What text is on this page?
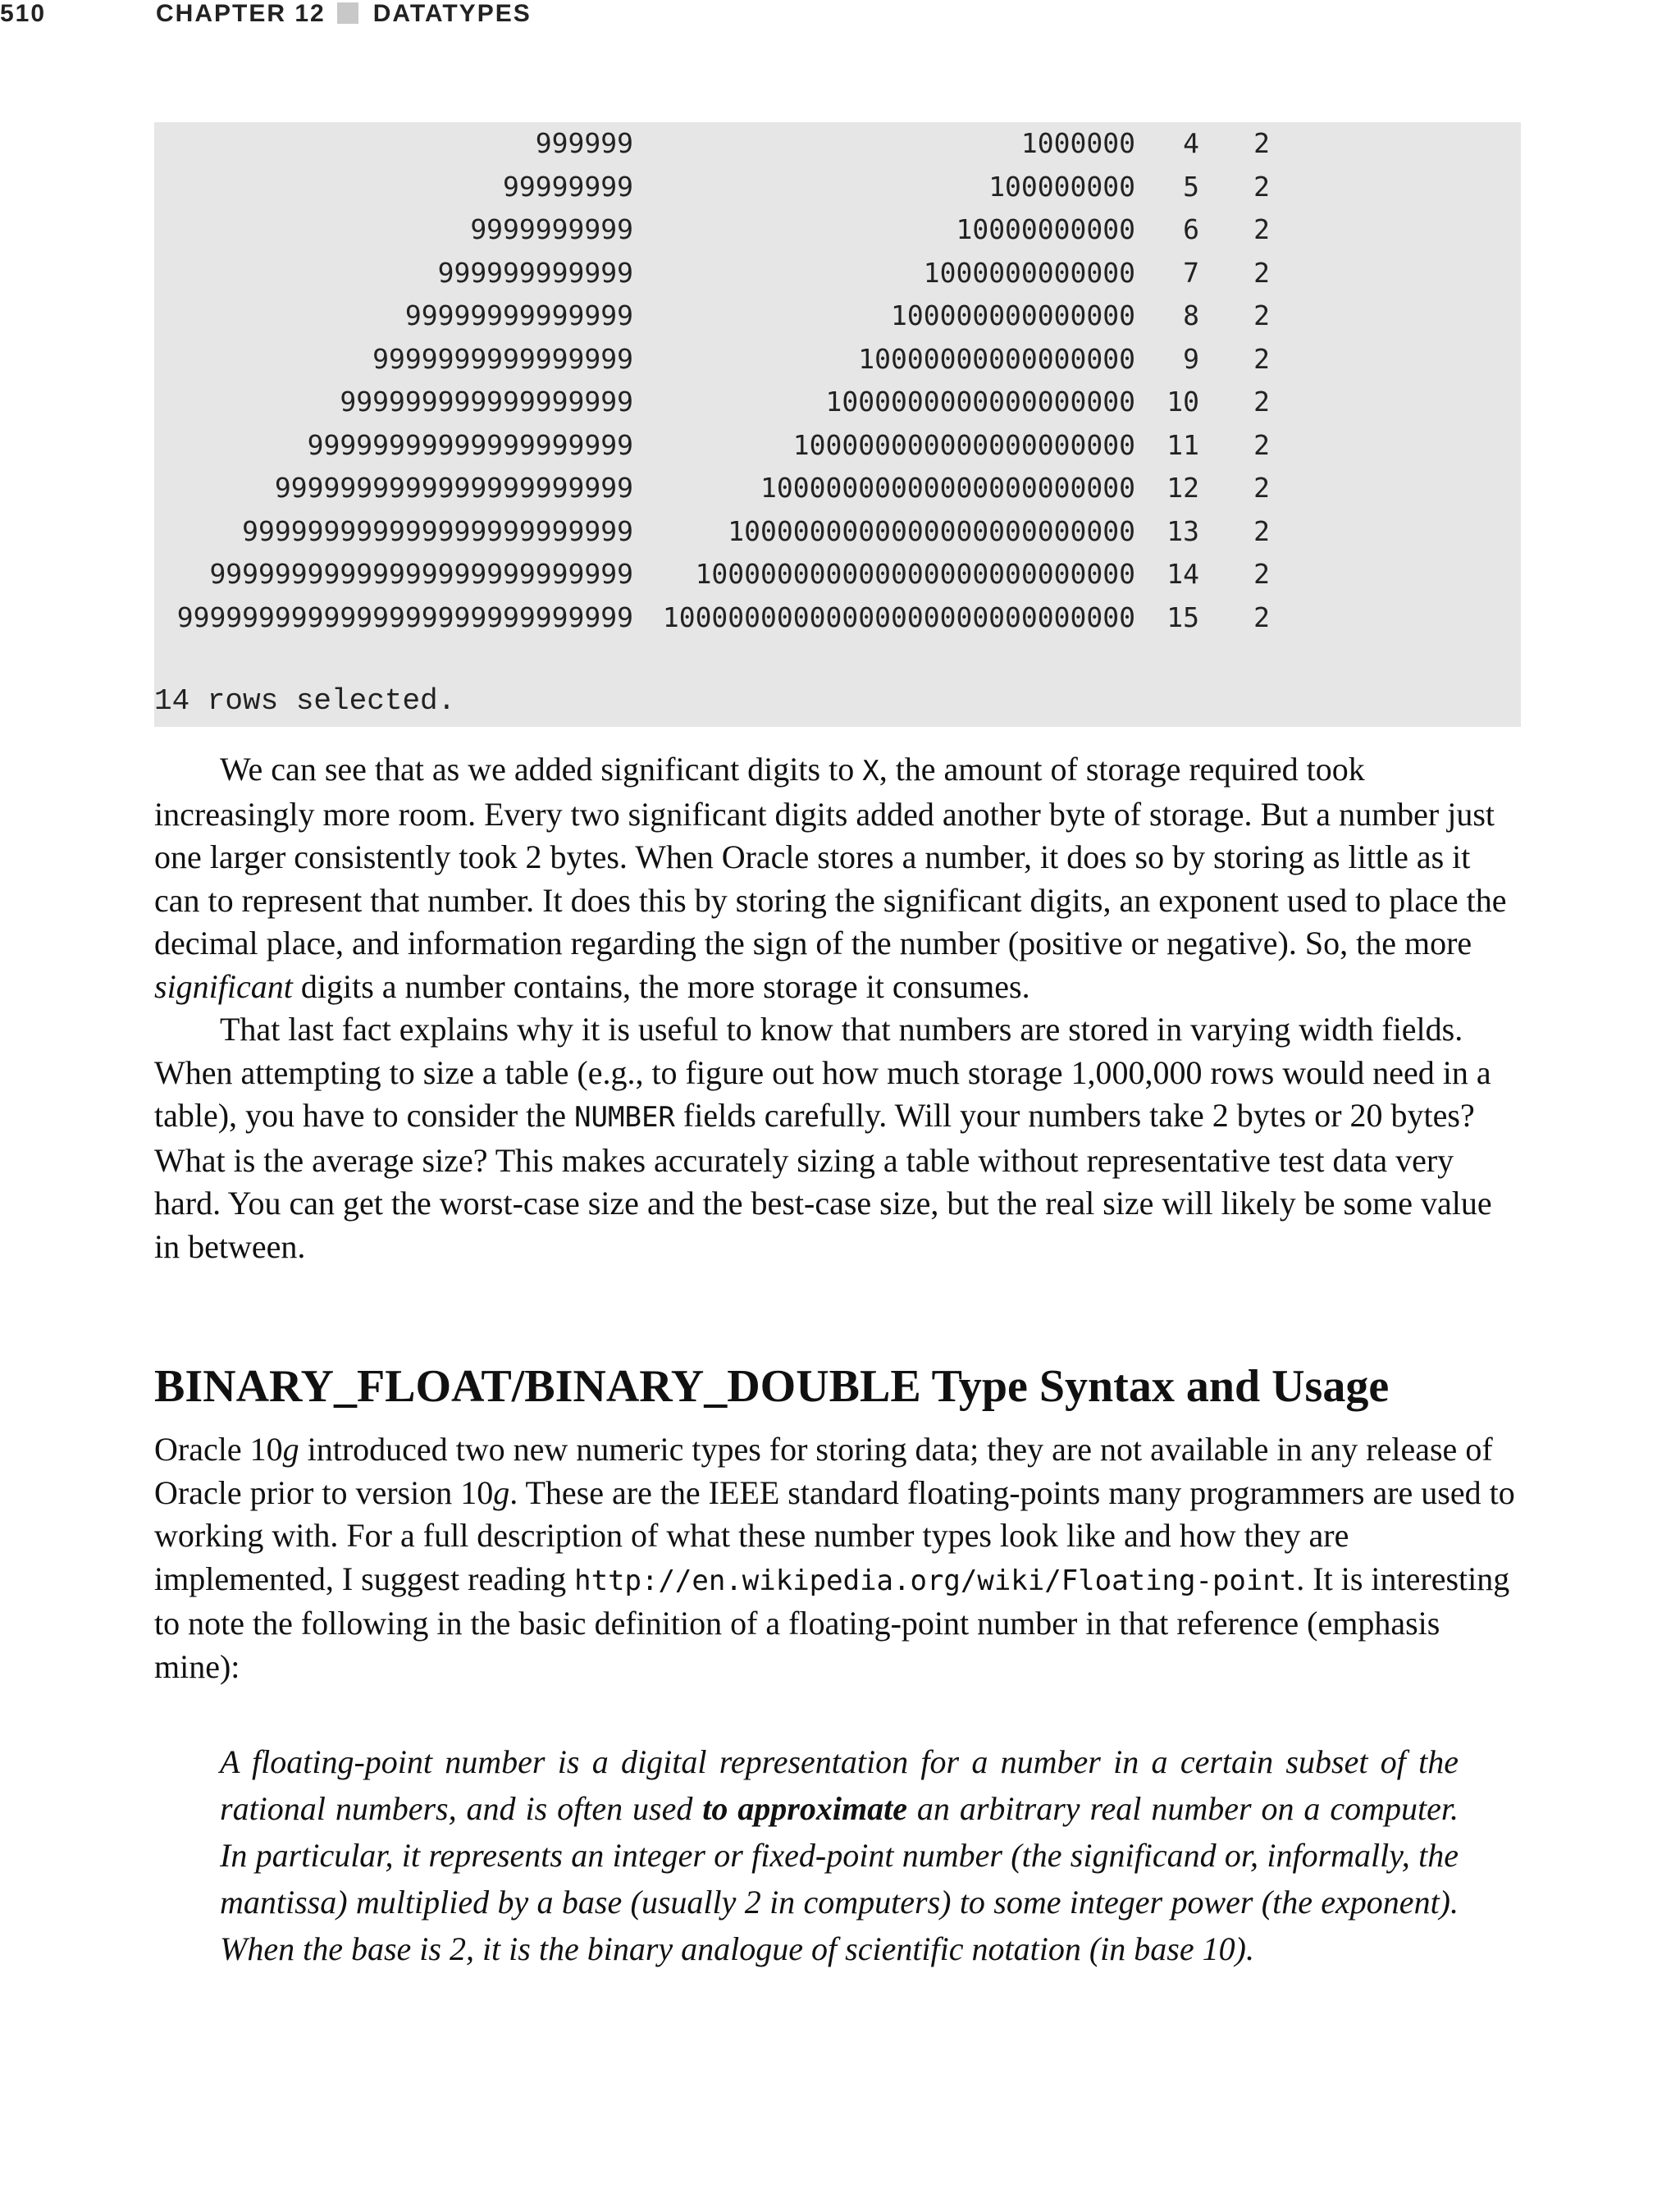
510	CHAPTER 12 DATATYPES
999999	1000000 4 2
99999999	100000000 5 2
9999999999	10000000000 6 2
999999999999	1000000000000 7 2
99999999999999	100000000000000 8 2
9999999999999999	10000000000000000 9 2
999999999999999999	1000000000000000000 10 2
99999999999999999999	100000000000000000000 11 2
9999999999999999999999	10000000000000000000000 12 2
999999999999999999999999	1000000000000000000000000 13 2
99999999999999999999999999 100000000000000000000000000 14 2
9999999999999999999999999999 10000000000000000000000000000 15 2
14 rows selected.

We can see that as we added significant digits to X, the amount of storage required took increasingly more room. Every two significant digits added another byte of storage. But a number just one larger consistently took 2 bytes. When Oracle stores a number, it does so by storing as little as it can to represent that number. It does this by storing the significant digits, an exponent used to place the decimal place, and information regarding the sign of the number (positive or negative). So, the more significant digits a number contains, the more storage it consumes.

That last fact explains why it is useful to know that numbers are stored in varying width fields. When attempting to size a table (e.g., to figure out how much storage 1,000,000 rows would need in a table), you have to consider the NUMBER fields carefully. Will your numbers take 2 bytes or 20 bytes? What is the average size? This makes accurately sizing a table without representative test data very hard. You can get the worst-case size and the best-case size, but the real size will likely be some value in between.

BINARY_FLOAT/BINARY_DOUBLE Type Syntax and Usage

Oracle 10g introduced two new numeric types for storing data; they are not available in any release of Oracle prior to version 10g. These are the IEEE standard floating-points many programmers are used to working with. For a full description of what these number types look like and how they are implemented, I suggest reading http://en.wikipedia.org/wiki/Floating-point. It is interesting to note the following in the basic definition of a floating-point number in that reference (emphasis mine):

A floating-point number is a digital representation for a number in a certain subset of the rational numbers, and is often used to approximate an arbitrary real number on a computer. In particular, it represents an integer or fixed-point number (the significand or, informally, the mantissa) multiplied by a base (usually 2 in computers) to some integer power (the exponent). When the base is 2, it is the binary analogue of scientific notation (in base 10).
